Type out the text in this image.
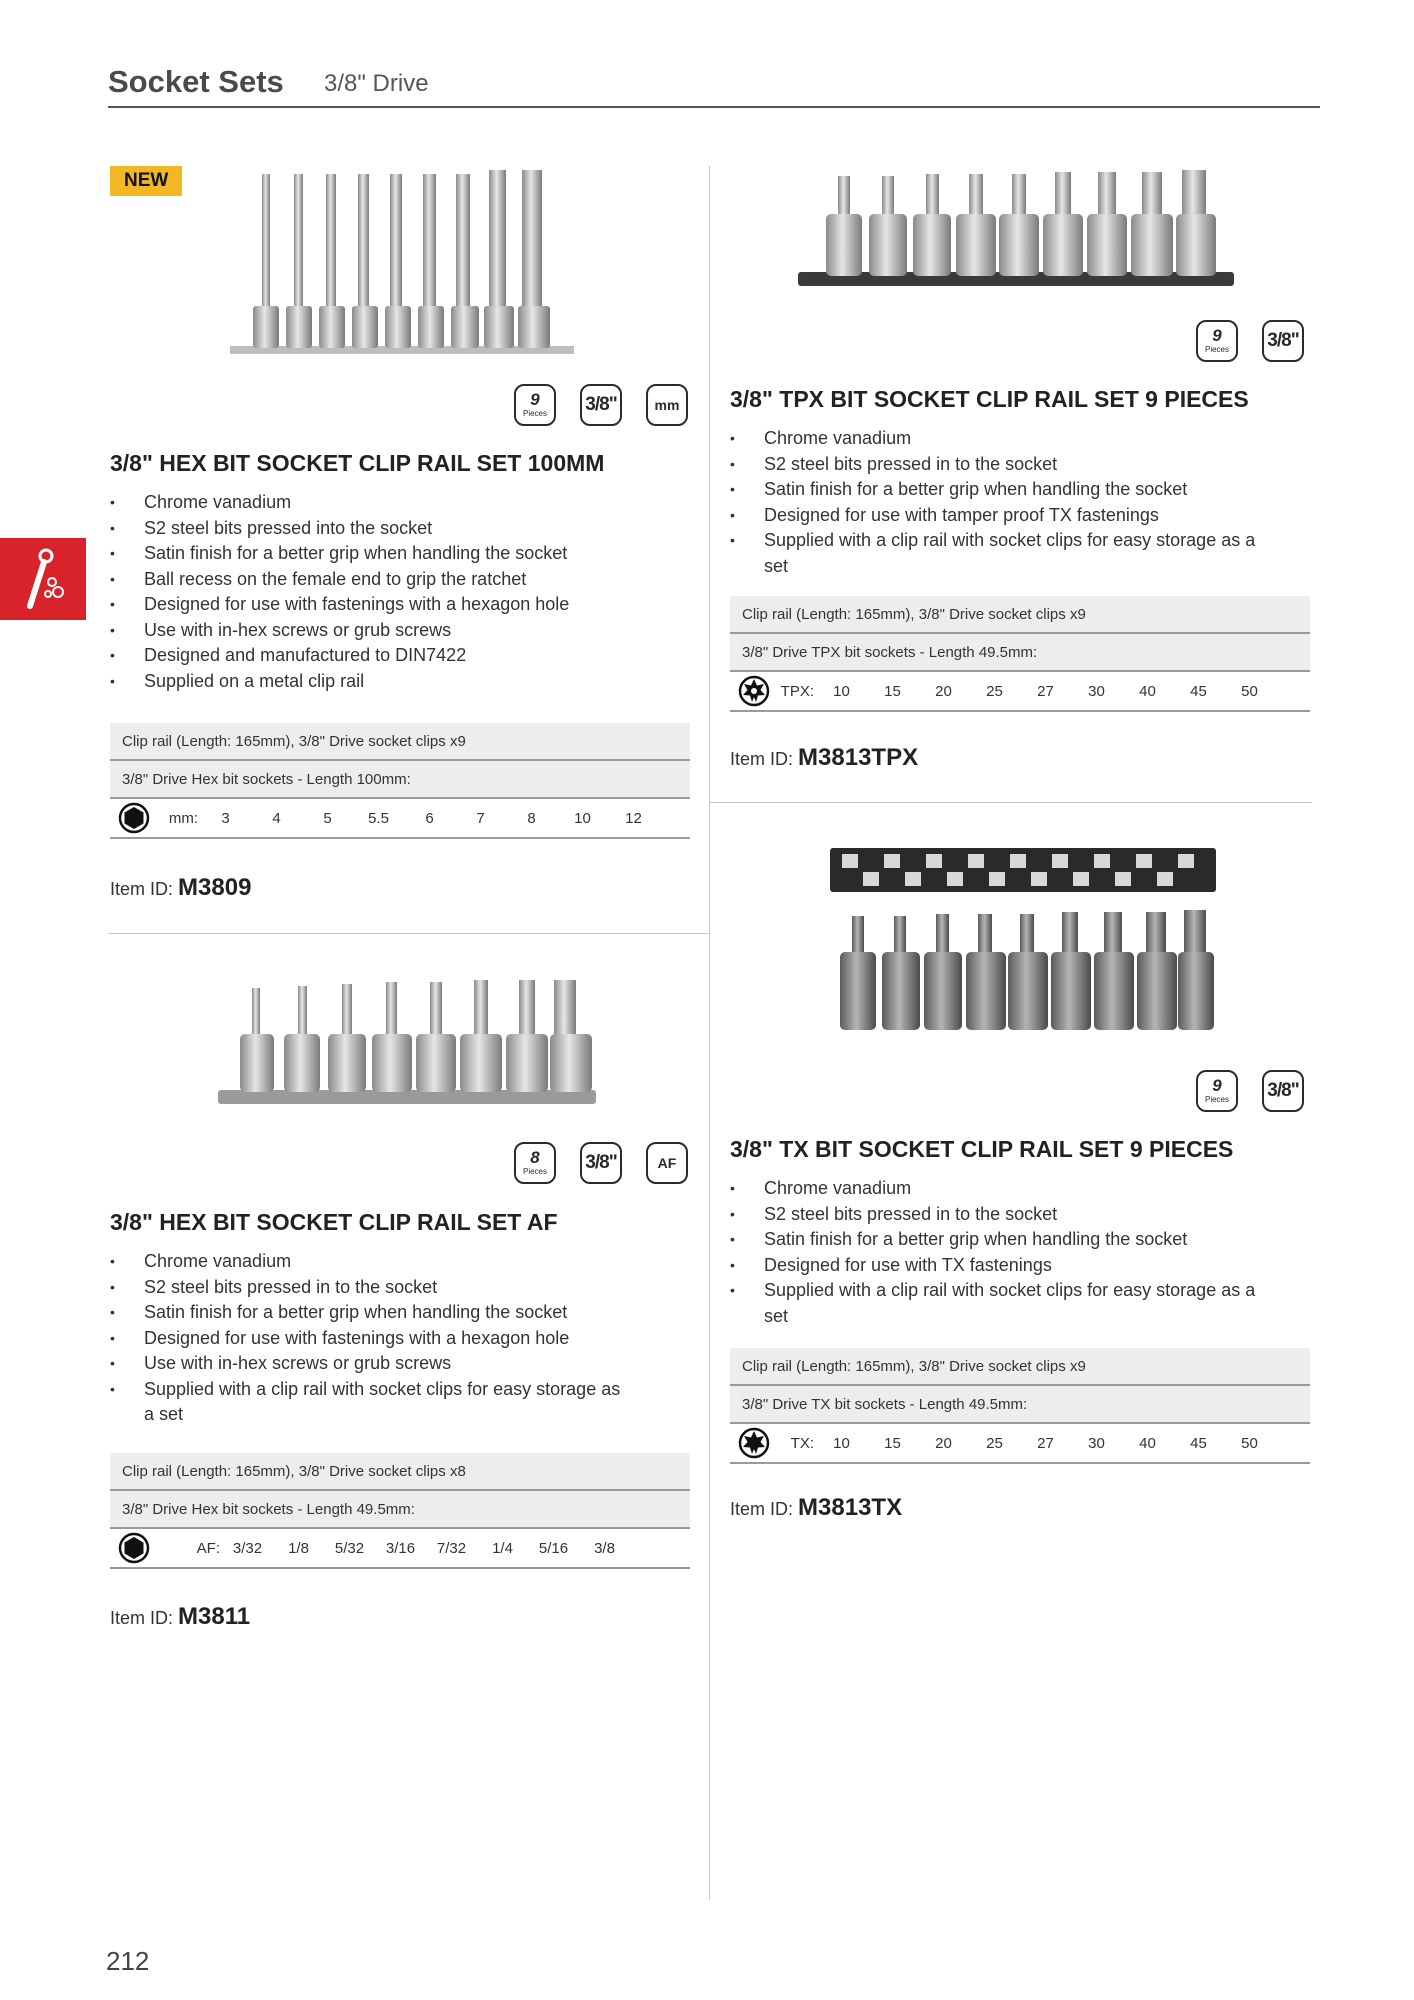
Socket Sets 3/8" Drive
NEW
9
Pieces 3/8"	mm
3/8" HEX BIT SOCKET CLIP RAIL SET 100MM
• Chrome vanadium
• S2 steel bits pressed into the socket
• Satin finish for a better grip when handling the socket
• Ball recess on the female end to grip the ratchet
• Designed for use with fastenings with a hexagon hole
• Use with in-hex screws or grub screws
• Designed and manufactured to DIN7422
• Supplied on a metal clip rail
Clip rail (Length: 165mm), 3/8" Drive socket clips x9
3/8" Drive Hex bit sockets - Length 100mm:
mm:	3	4	5	5.5	6	7	8	10	12
Item ID: M3809
8
Pieces 3/8"	AF
3/8" HEX BIT SOCKET CLIP RAIL SET AF
• Chrome vanadium
• S2 steel bits pressed in to the socket
• Satin finish for a better grip when handling the socket
• Designed for use with fastenings with a hexagon hole
• Use with in-hex screws or grub screws
• Supplied with a clip rail with socket clips for easy storage as a set
Clip rail (Length: 165mm), 3/8" Drive socket clips x8
3/8" Drive Hex bit sockets - Length 49.5mm:
AF: 3/32	1/8	5/32	3/16	7/32	1/4	5/16	3/8
Item ID: M3811
9
Pieces 3/8"
3/8" TPX BIT SOCKET CLIP RAIL SET 9 PIECES
• Chrome vanadium
• S2 steel bits pressed in to the socket
• Satin finish for a better grip when handling the socket
• Designed for use with tamper proof TX fastenings
• Supplied with a clip rail with socket clips for easy storage as a set
Clip rail (Length: 165mm), 3/8" Drive socket clips x9
3/8" Drive TPX bit sockets - Length 49.5mm:
TPX:	10	15	20	25	27	30	40	45	50
Item ID: M3813TPX
9
Pieces 3/8"
3/8" TX BIT SOCKET CLIP RAIL SET 9 PIECES
• Chrome vanadium
• S2 steel bits pressed in to the socket
• Satin finish for a better grip when handling the socket
• Designed for use with TX fastenings
• Supplied with a clip rail with socket clips for easy storage as a set
Clip rail (Length: 165mm), 3/8" Drive socket clips x9
3/8" Drive TX bit sockets - Length 49.5mm:
TX:	10	15	20	25	27	30	40	45	50
Item ID: M3813TX
212
